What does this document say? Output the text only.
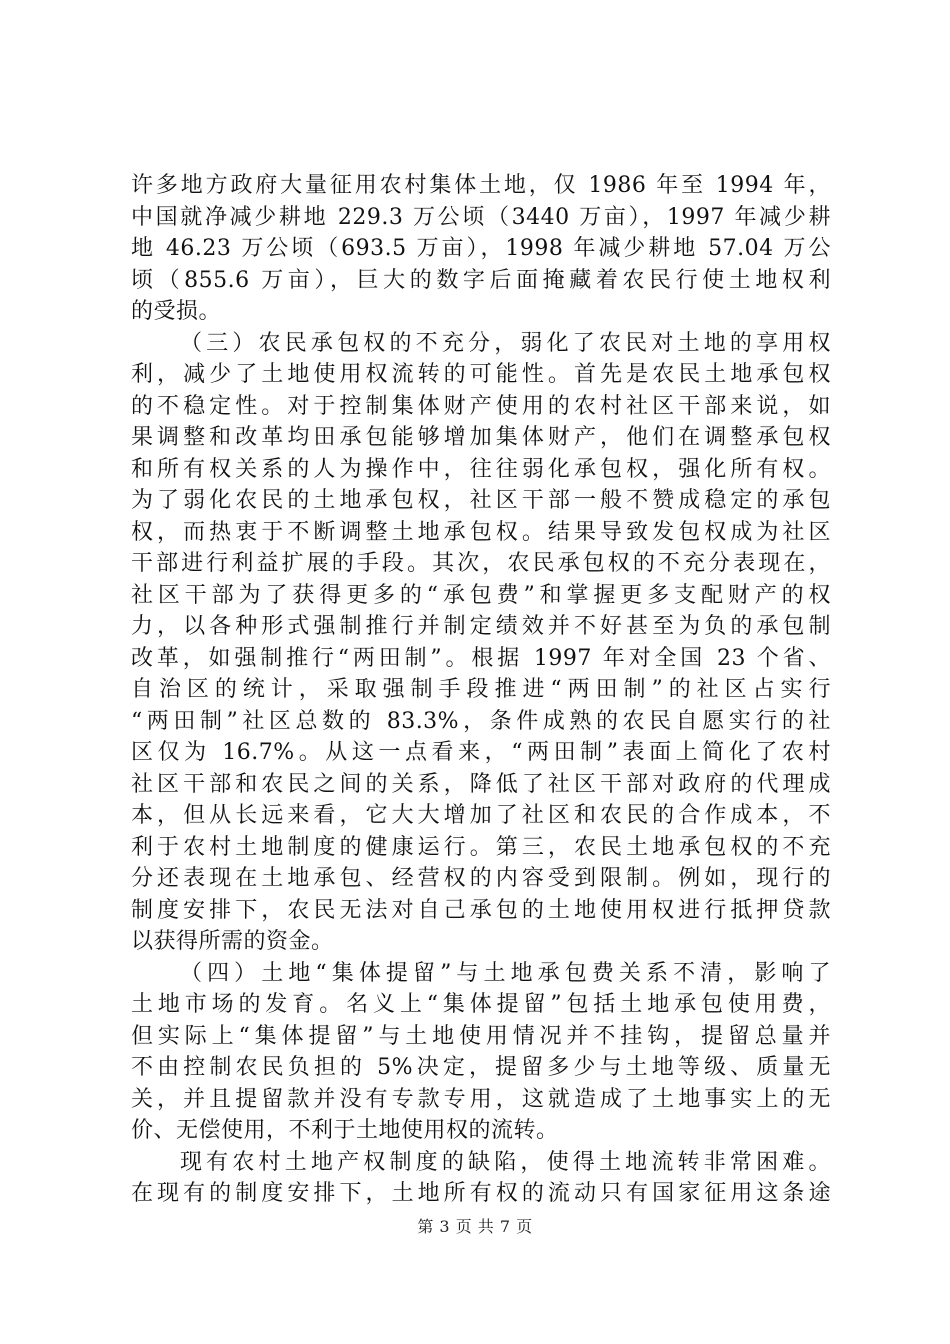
许多地方政府大量征用农村集体土地，仅 1986 年至 1994 年，
中国就净减少耕地 229.3 万公顷（3440 万亩），1997 年减少耕
地 46.23 万公顷（693.5 万亩），1998 年减少耕地 57.04 万公
顷（855.6 万亩），巨大的数字后面掩藏着农民行使土地权利
的受损。
（三）农民承包权的不充分，弱化了农民对土地的享用权
利，减少了土地使用权流转的可能性。首先是农民土地承包权
的不稳定性。对于控制集体财产使用的农村社区干部来说，如
果调整和改革均田承包能够增加集体财产，他们在调整承包权
和所有权关系的人为操作中，往往弱化承包权，强化所有权。
为了弱化农民的土地承包权，社区干部一般不赞成稳定的承包
权，而热衷于不断调整土地承包权。结果导致发包权成为社区
干部进行利益扩展的手段。其次，农民承包权的不充分表现在，
社区干部为了获得更多的“承包费”和掌握更多支配财产的权
力，以各种形式强制推行并制定绩效并不好甚至为负的承包制
改革，如强制推行“两田制”。根据 1997 年对全国 23 个省、
自治区的统计，采取强制手段推进“两田制”的社区占实行
“两田制”社区总数的 83.3%，条件成熟的农民自愿实行的社
区仅为 16.7%。从这一点看来，“两田制”表面上简化了农村
社区干部和农民之间的关系，降低了社区干部对政府的代理成
本，但从长远来看，它大大增加了社区和农民的合作成本，不
利于农村土地制度的健康运行。第三，农民土地承包权的不充
分还表现在土地承包、经营权的内容受到限制。例如，现行的
制度安排下，农民无法对自己承包的土地使用权进行抵押贷款
以获得所需的资金。
（四）土地“集体提留”与土地承包费关系不清，影响了
土地市场的发育。名义上“集体提留”包括土地承包使用费，
但实际上“集体提留”与土地使用情况并不挂钩，提留总量并
不由控制农民负担的 5%决定，提留多少与土地等级、质量无
关，并且提留款并没有专款专用，这就造成了土地事实上的无
价、无偿使用，不利于土地使用权的流转。
现有农村土地产权制度的缺陷，使得土地流转非常困难。
在现有的制度安排下，土地所有权的流动只有国家征用这条途
第 3 页 共 7 页
